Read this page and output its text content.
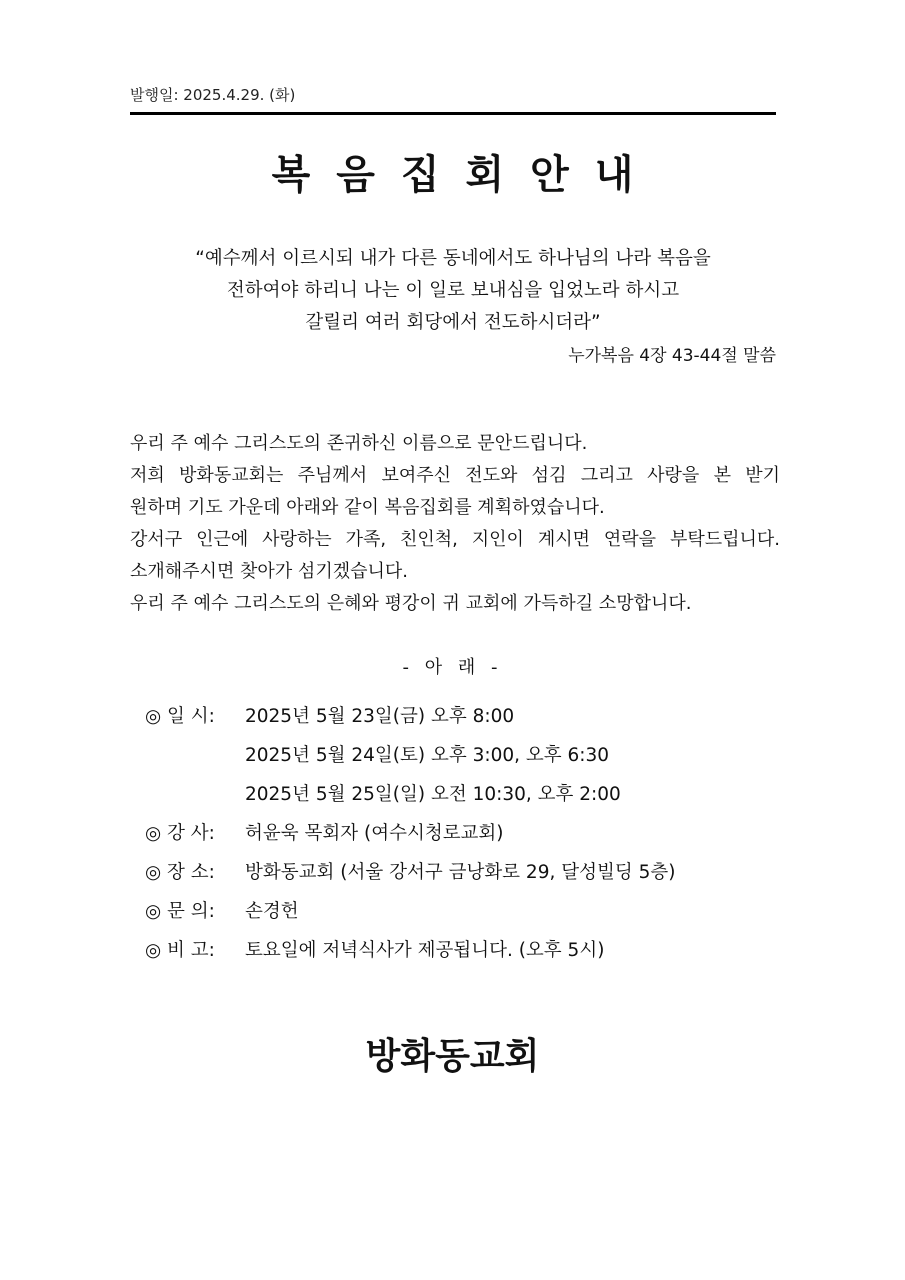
발행일: 2025.4.29. (화)
복음집회안내
“예수께서 이르시되 내가 다른 동네에서도 하나님의 나라 복음을
전하여야 하리니 나는 이 일로 보내심을 입었노라 하시고
갈릴리 여러 회당에서 전도하시더라”
누가복음 4장 43-44절 말씀
우리 주 예수 그리스도의 존귀하신 이름으로 문안드립니다.
저희 방화동교회는 주님께서 보여주신 전도와 섬김 그리고 사랑을 본 받기
원하며 기도 가운데 아래와 같이 복음집회를 계획하였습니다.
강서구 인근에 사랑하는 가족, 친인척, 지인이 계시면 연락을 부탁드립니다.
소개해주시면 찾아가 섬기겠습니다.
우리 주 예수 그리스도의 은혜와 평강이 귀 교회에 가득하길 소망합니다.
- 아 래 -
◎ 일 시:	2025년 5월 23일(금) 오후 8:00
2025년 5월 24일(토) 오후 3:00, 오후 6:30
2025년 5월 25일(일) 오전 10:30, 오후 2:00
◎ 강 사:	허윤욱 목회자 (여수시청로교회)
◎ 장 소:	방화동교회 (서울 강서구 금낭화로 29, 달성빌딩 5층)
◎ 문 의:	손경헌
◎ 비 고:	토요일에 저녁식사가 제공됩니다. (오후 5시)
방화동교회
